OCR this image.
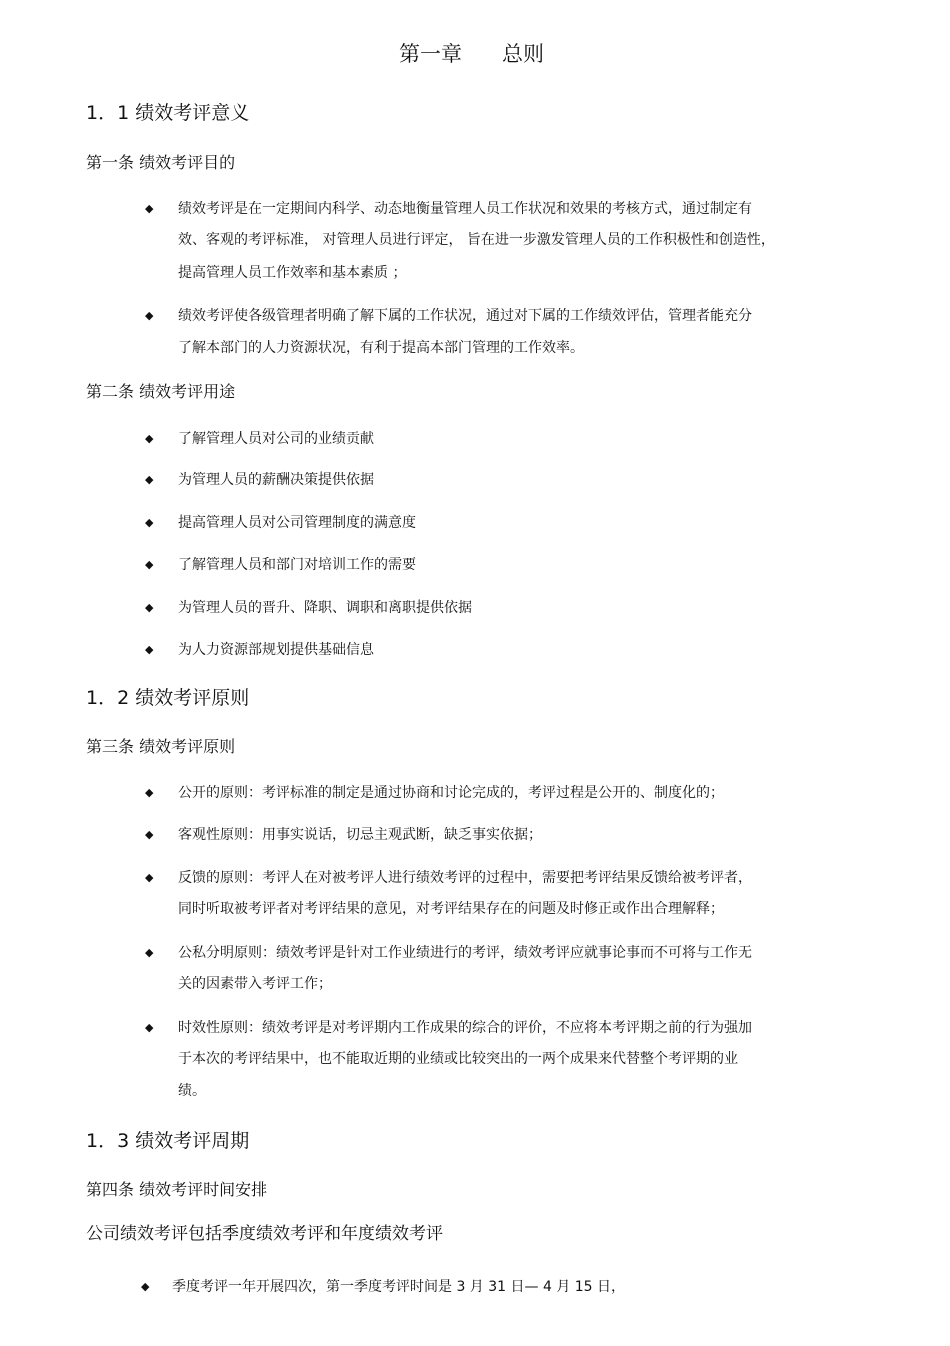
第一章 总则
1．1 绩效考评意义
第一条 绩效考评目的
◆ 绩效考评是在一定期间内科学、动态地衡量管理人员工作状况和效果的考核方式，通过制定有
效、客观的考评标准， 对管理人员进行评定， 旨在进一步激发管理人员的工作积极性和创造性，
提高管理人员工作效率和基本素质 ；
◆ 绩效考评使各级管理者明确了解下属的工作状况，通过对下属的工作绩效评估，管理者能充分
了解本部门的人力资源状况，有利于提高本部门管理的工作效率。
第二条 绩效考评用途
◆ 了解管理人员对公司的业绩贡献
◆ 为管理人员的薪酬决策提供依据
◆ 提高管理人员对公司管理制度的满意度
◆ 了解管理人员和部门对培训工作的需要
◆ 为管理人员的晋升、降职、调职和离职提供依据
◆ 为人力资源部规划提供基础信息
1．2 绩效考评原则
第三条 绩效考评原则
◆ 公开的原则：考评标准的制定是通过协商和讨论完成的，考评过程是公开的、制度化的；
◆ 客观性原则：用事实说话，切忌主观武断，缺乏事实依据；
◆ 反馈的原则：考评人在对被考评人进行绩效考评的过程中，需要把考评结果反馈给被考评者，
同时听取被考评者对考评结果的意见，对考评结果存在的问题及时修正或作出合理解释；
◆ 公私分明原则：绩效考评是针对工作业绩进行的考评，绩效考评应就事论事而不可将与工作无
关的因素带入考评工作；
◆ 时效性原则：绩效考评是对考评期内工作成果的综合的评价，不应将本考评期之前的行为强加
于本次的考评结果中，也不能取近期的业绩或比较突出的一两个成果来代替整个考评期的业
绩。
1．3 绩效考评周期
第四条 绩效考评时间安排
公司绩效考评包括季度绩效考评和年度绩效考评
◆ 季度考评一年开展四次，第一季度考评时间是 3 月 31 日— 4 月 15 日，
